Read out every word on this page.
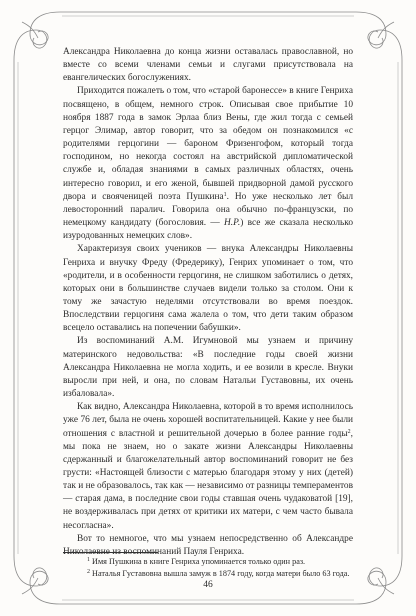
Александра Николаевна до конца жизни оставалась православной, но вместе со всеми членами семьи и слугами присутствовала на евангелических богослужениях.

Приходится пожалеть о том, что «старой баронессе» в книге Генриха посвящено, в общем, немного строк. Описывая свое прибытие 10 ноября 1887 года в замок Эрлаа близ Вены, где жил тогда с семьей герцог Элимар, автор говорит, что за обедом он познакомился «с родителями герцогини — бароном Фризенгофом, который тогда господином, но некогда состоял на австрийской дипломатической службе и, обладая знаниями в самых различных областях, очень интересно говорил, и его женой, бывшей придворной дамой русского двора и свояченицей поэта Пушкина$^1$. Но уже несколько лет был левосторонний паралич. Говорила она обычно по-французски, по немецкому кандидату (богословия. — Н.Р.) все же сказала несколько изуродованных немецких слов».

Характеризуя своих учеников — внука Александры Николаевны Генриха и внучку Фреду (Фредерику), Генрих упоминает о том, что «родители, и в особенности герцогиня, не слишком заботились о детях, которых они в большинстве случаев видели только за столом. Они к тому же зачастую неделями отсутствовали во время поездок. Впоследствии герцогиня сама жалела о том, что дети таким образом всецело оставались на попечении бабушки».

Из воспоминаний А.М. Игумновой мы узнаем и причину материнского недовольства: «В последние годы своей жизни Александра Николаевна не могла ходить, и ее возили в кресле. Внуки выросли при ней, и она, по словам Натальи Густавовны, их очень избаловала».

Как видно, Александра Николаевна, которой в то время исполнилось уже 76 лет, была не очень хорошей воспитательницей. Какие у нее были отношения с властной и решительной дочерью в более ранние годы$^2$, мы пока не знаем, но о закате жизни Александры Николаевны сдержанный и благожелательный автор воспоминаний говорит не без грусти: «Настоящей близости с матерью благодаря этому у них (детей) так и не образовалось, так как — независимо от разницы темпераментов — старая дама, в последние свои годы ставшая очень чудаковатой [19], не воздерживалась при детях от критики их матери, с чем часто бывала несогласна».

Вот то немногое, что мы узнаем непосредственно об Александре Николаевне из воспоминаний Пауля Генриха.

$^1$ Имя Пушкина в книге Генриха упоминается только один раз.
$^2$ Наталья Густавовна вышла замуж в 1874 году, когда матери было 63 года.
46
